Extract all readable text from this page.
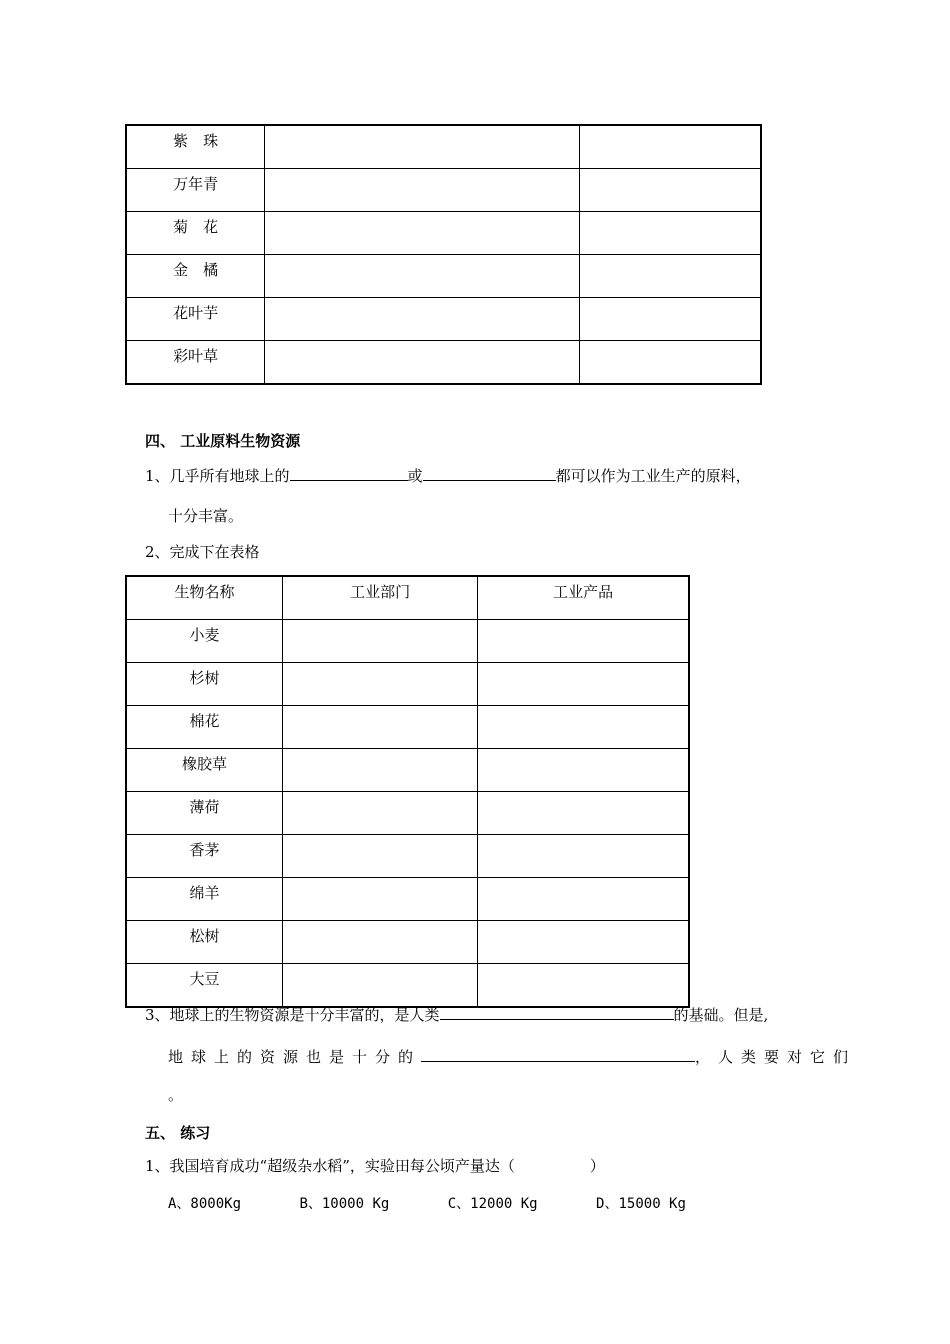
紫　珠		
万年青		
菊　花		
金　橘		
花叶芋		
彩叶草		
四、 工业原料生物资源
1、几乎所有地球上的	或	都可以作为工业生产的原料，
十分丰富。
2、完成下在表格
生物名称	工业部门	工业产品
小麦		
杉树		
棉花		
橡胶草		
薄荷		
香茅		
绵羊		
松树		
大豆		
3、地球上的生物资源是十分丰富的，是人类	的基础。但是,
地球上的资源也是十分的	，人类要对它们
。
五、 练习
1、我国培育成功“超级杂水稻”，实验田每公顷产量达（　　　　　）
A、8000Kg	B、10000 Kg	C、12000 Kg	D、15000 Kg
